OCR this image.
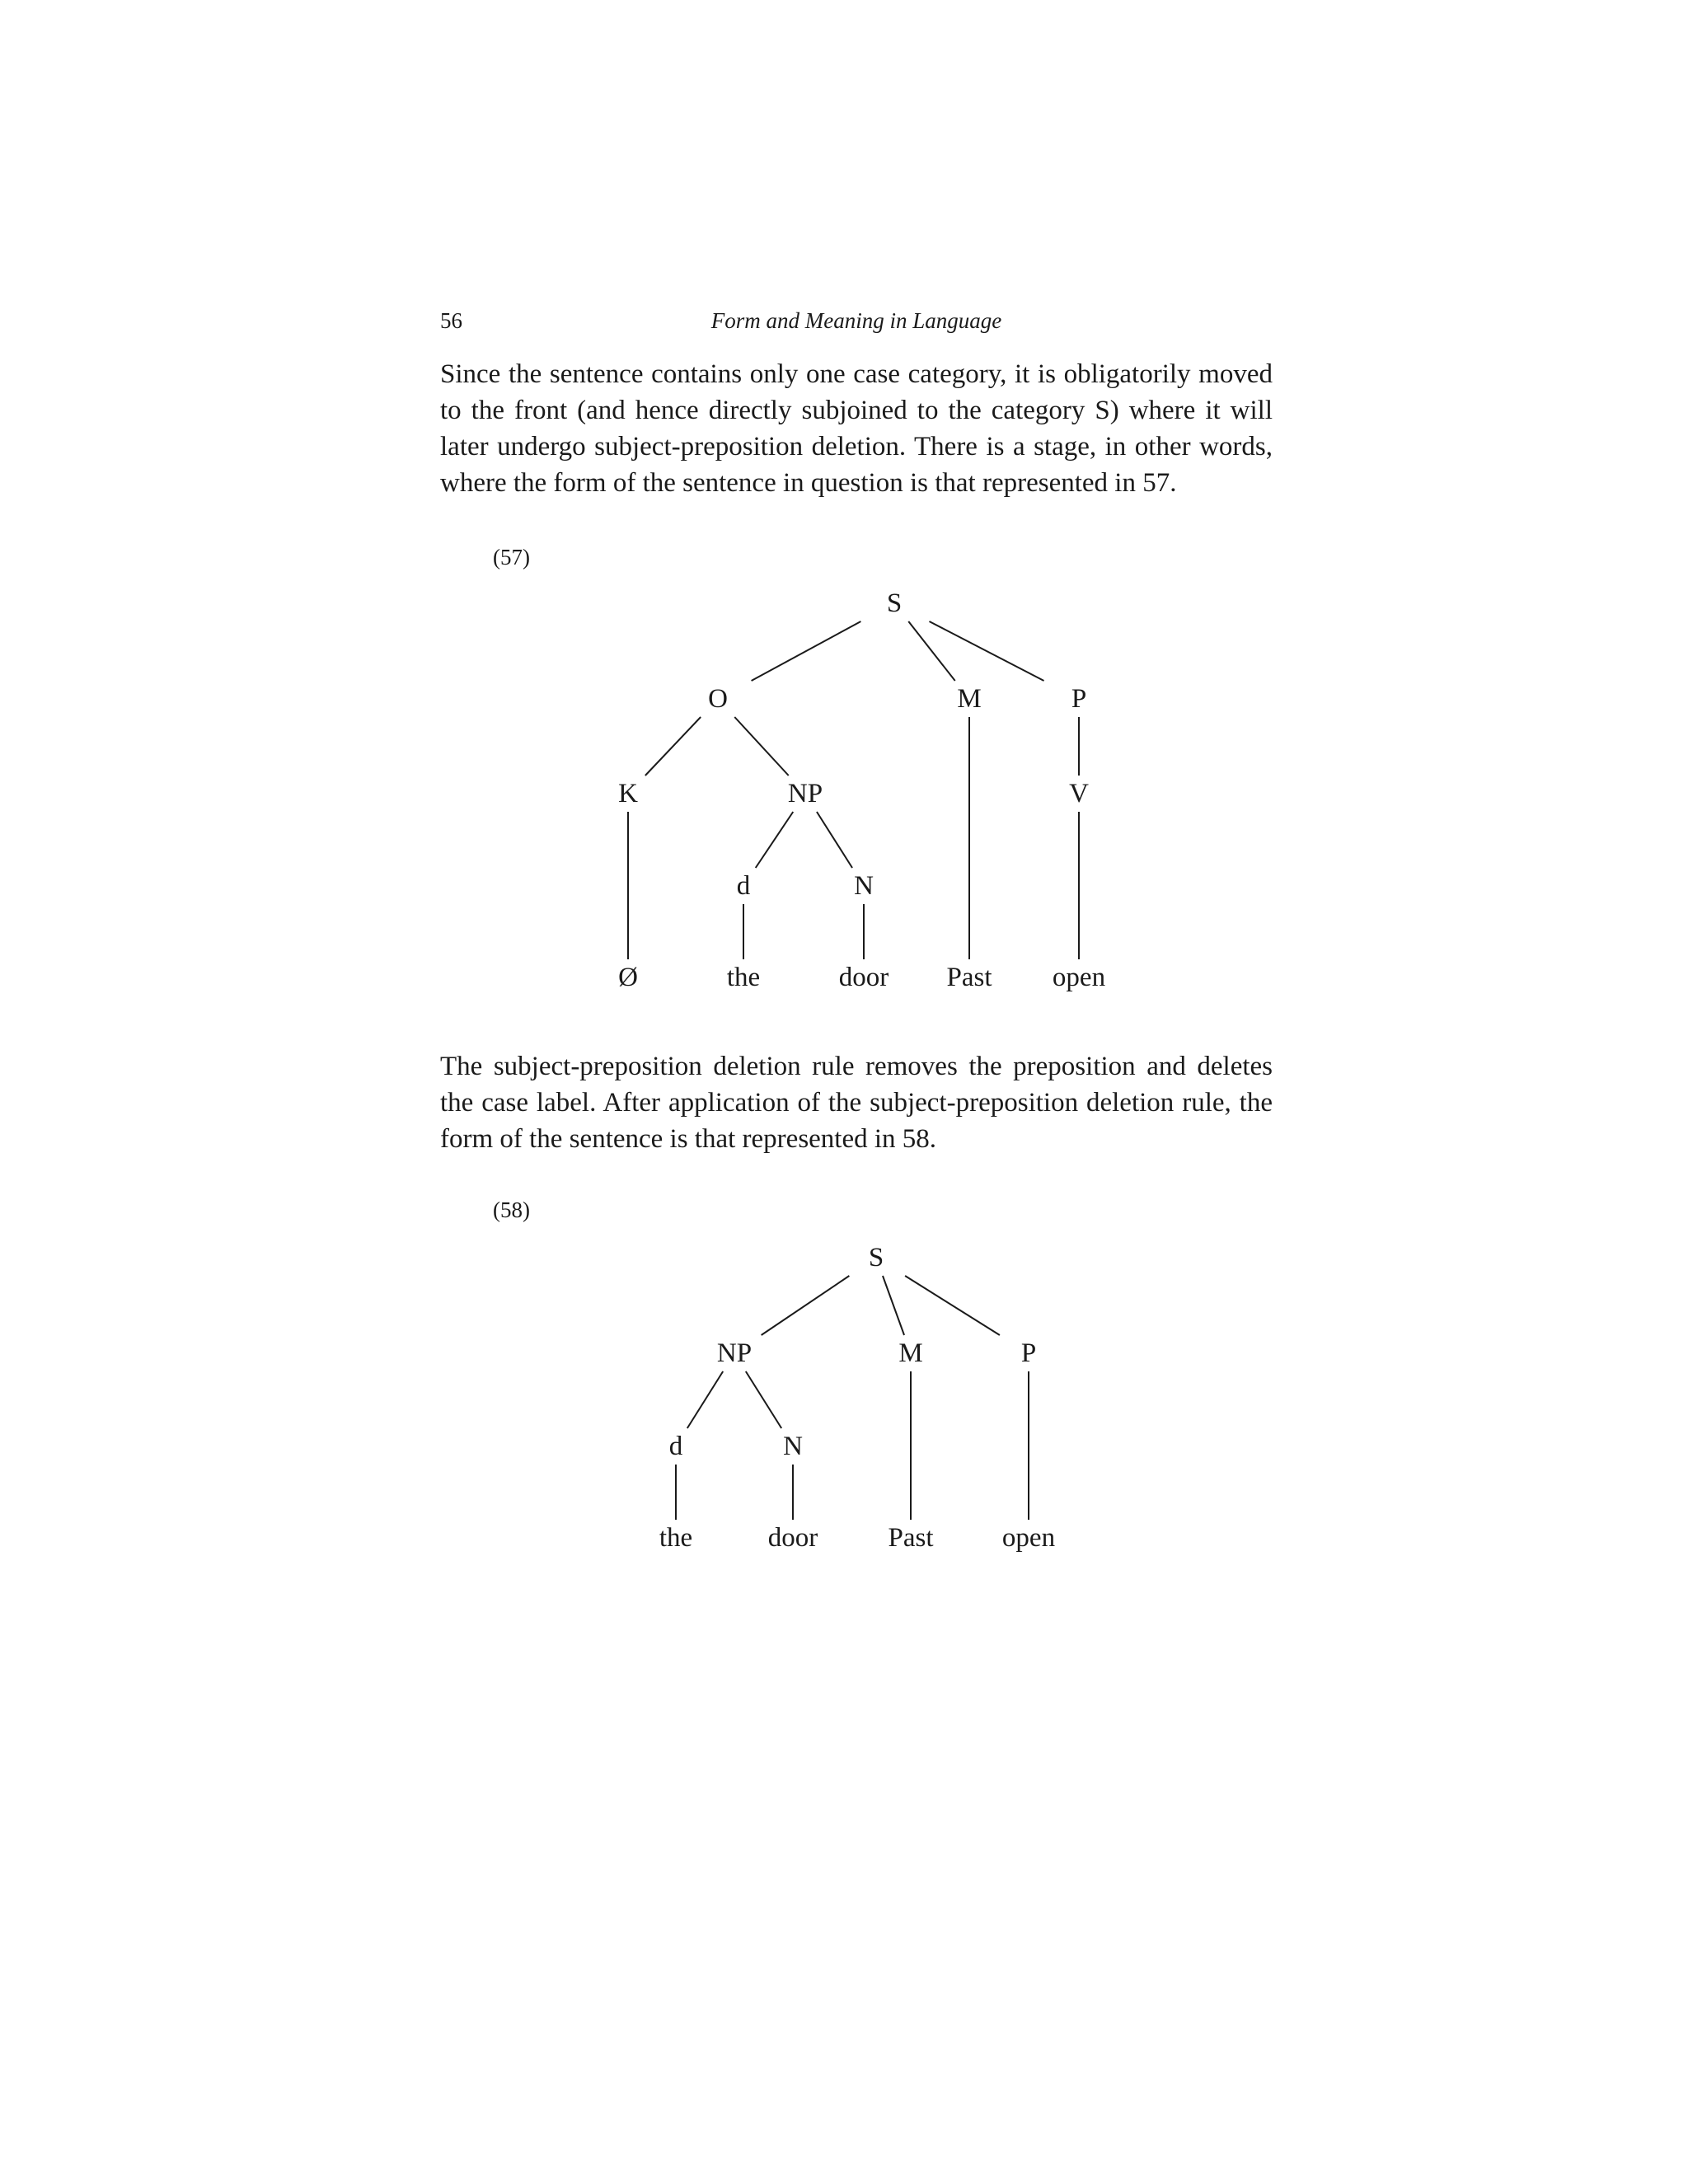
56	Form and Meaning in Language

Since the sentence contains only one case category, it is obligatorily moved to the front (and hence directly subjoined to the category S) where it will later undergo subject-preposition deletion. There is a stage, in other words, where the form of the sentence in question is that represented in 57.

(57)
S
O	M	P
K	NP	V
d	N
Ø	the	door Past open

The subject-preposition deletion rule removes the preposition and deletes the case label. After application of the subject-preposition deletion rule, the form of the sentence is that represented in 58.

(58)
S
NP	M	P
d	N
the	door	Past	open
